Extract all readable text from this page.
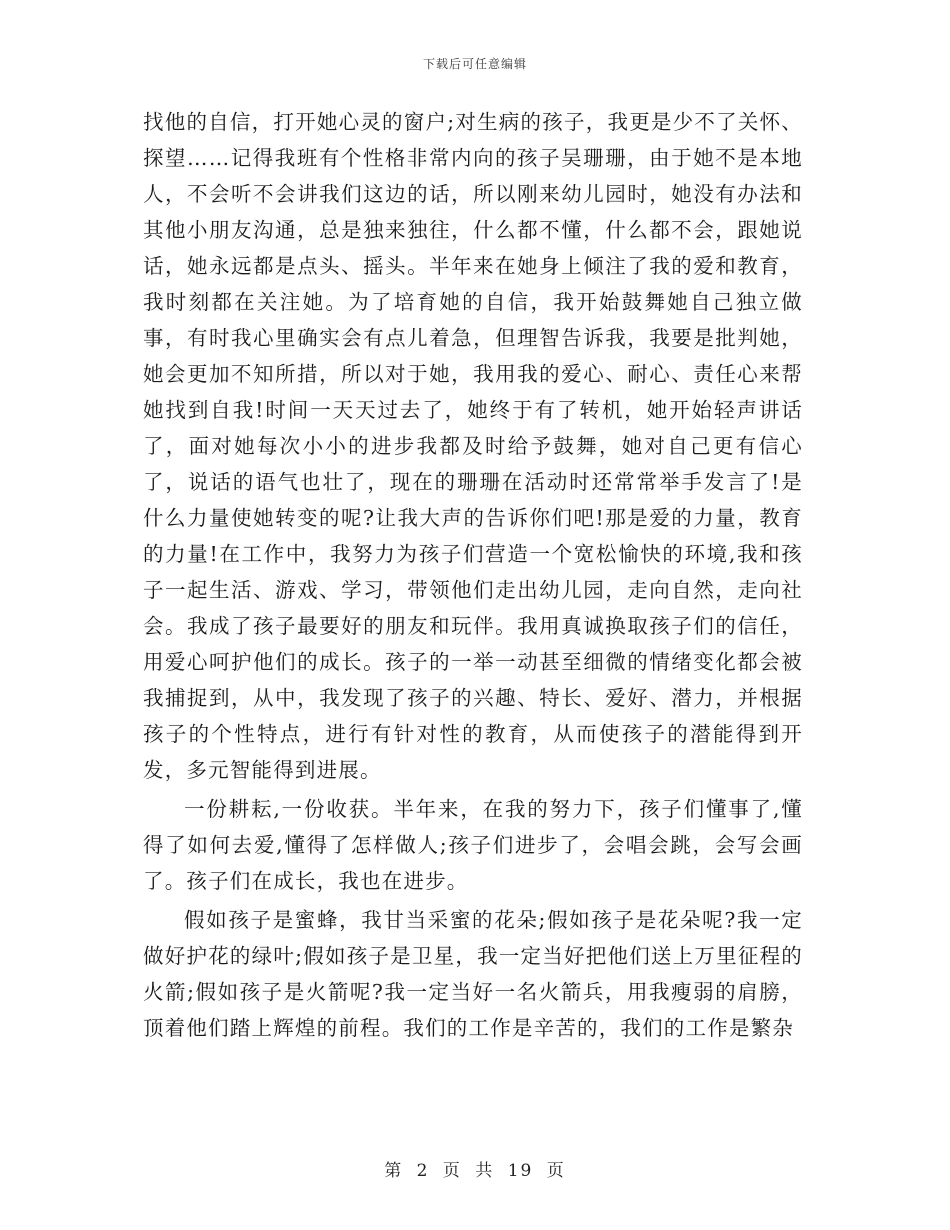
下载后可任意编辑

找他的自信，打开她心灵的窗户;对生病的孩子，我更是少不了关怀、探望……记得我班有个性格非常内向的孩子吴珊珊，由于她不是本地人，不会听不会讲我们这边的话，所以刚来幼儿园时，她没有办法和其他小朋友沟通，总是独来独往，什么都不懂，什么都不会，跟她说话，她永远都是点头、摇头。半年来在她身上倾注了我的爱和教育，我时刻都在关注她。为了培育她的自信，我开始鼓舞她自己独立做事，有时我心里确实会有点儿着急，但理智告诉我，我要是批判她，她会更加不知所措，所以对于她，我用我的爱心、耐心、责任心来帮她找到自我!时间一天天过去了，她终于有了转机，她开始轻声讲话了，面对她每次小小的进步我都及时给予鼓舞，她对自己更有信心了，说话的语气也壮了，现在的珊珊在活动时还常常举手发言了!是什么力量使她转变的呢?让我大声的告诉你们吧!那是爱的力量，教育的力量!在工作中，我努力为孩子们营造一个宽松愉快的环境,我和孩子一起生活、游戏、学习，带领他们走出幼儿园，走向自然，走向社会。我成了孩子最要好的朋友和玩伴。我用真诚换取孩子们的信任，用爱心呵护他们的成长。孩子的一举一动甚至细微的情绪变化都会被我捕捉到，从中，我发现了孩子的兴趣、特长、爱好、潜力，并根据孩子的个性特点，进行有针对性的教育，从而使孩子的潜能得到开发，多元智能得到进展。

一份耕耘,一份收获。半年来，在我的努力下，孩子们懂事了,懂得了如何去爱,懂得了怎样做人;孩子们进步了，会唱会跳，会写会画了。孩子们在成长，我也在进步。

假如孩子是蜜蜂，我甘当采蜜的花朵;假如孩子是花朵呢?我一定做好护花的绿叶;假如孩子是卫星，我一定当好把他们送上万里征程的火箭;假如孩子是火箭呢?我一定当好一名火箭兵，用我瘦弱的肩膀，顶着他们踏上辉煌的前程。我们的工作是辛苦的，我们的工作是繁杂

第 2 页 共 19 页
